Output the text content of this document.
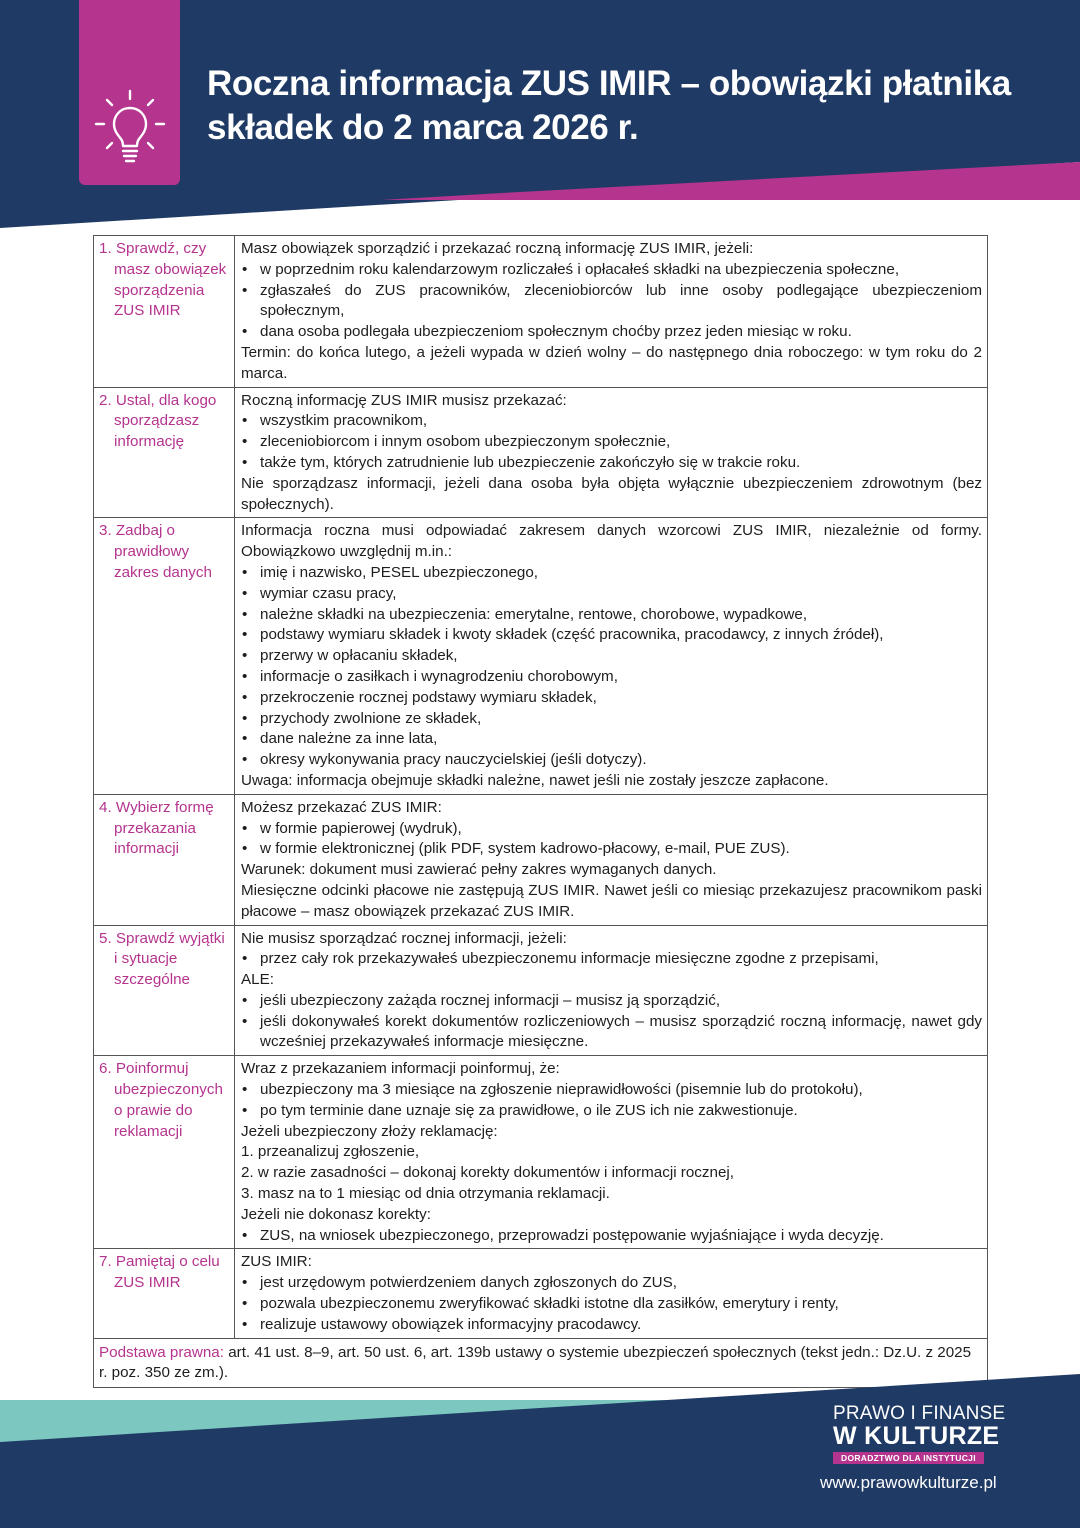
Roczna informacja ZUS IMIR – obowiązki płatnika
składek do 2 marca 2026 r.
1. Sprawdź, czy masz obowiązek sporządzenia ZUS IMIR

Masz obowiązek sporządzić i przekazać roczną informację ZUS IMIR, jeżeli:

• w poprzednim roku kalendarzowym rozliczałeś i opłacałeś składki na ubezpieczenia społeczne,
• zgłaszałeś do ZUS pracowników, zleceniobiorców lub inne osoby podlegające ubezpieczeniom społecznym,
• dana osoba podlegała ubezpieczeniom społecznym choćby przez jeden miesiąc w roku.

Termin: do końca lutego, a jeżeli wypada w dzień wolny – do następnego dnia roboczego: w tym roku do 2 marca.

2. Ustal, dla kogo sporządzasz informację

Roczną informację ZUS IMIR musisz przekazać:

• wszystkim pracownikom,
• zleceniobiorcom i innym osobom ubezpieczonym społecznie,
• także tym, których zatrudnienie lub ubezpieczenie zakończyło się w trakcie roku.

Nie sporządzasz informacji, jeżeli dana osoba była objęta wyłącznie ubezpieczeniem zdrowotnym (bez społecznych).

3. Zadbaj o prawidłowy zakres danych

Informacja roczna musi odpowiadać zakresem danych wzorcowi ZUS IMIR, niezależnie od formy. Obowiązkowo uwzględnij m.in.:

• imię i nazwisko, PESEL ubezpieczonego,
• wymiar czasu pracy,
• należne składki na ubezpieczenia: emerytalne, rentowe, chorobowe, wypadkowe,
• podstawy wymiaru składek i kwoty składek (część pracownika, pracodawcy, z innych źródeł),
• przerwy w opłacaniu składek,
• informacje o zasiłkach i wynagrodzeniu chorobowym,
• przekroczenie rocznej podstawy wymiaru składek,
• przychody zwolnione ze składek,
• dane należne za inne lata,
• okresy wykonywania pracy nauczycielskiej (jeśli dotyczy).

Uwaga: informacja obejmuje składki należne, nawet jeśli nie zostały jeszcze zapłacone.

4. Wybierz formę przekazania informacji

Możesz przekazać ZUS IMIR:

• w formie papierowej (wydruk),
• w formie elektronicznej (plik PDF, system kadrowo-płacowy, e-mail, PUE ZUS).

Warunek: dokument musi zawierać pełny zakres wymaganych danych.

Miesięczne odcinki płacowe nie zastępują ZUS IMIR. Nawet jeśli co miesiąc przekazujesz pracownikom paski płacowe – masz obowiązek przekazać ZUS IMIR.

5. Sprawdź wyjątki i sytuacje szczególne

Nie musisz sporządzać rocznej informacji, jeżeli:

• przez cały rok przekazywałeś ubezpieczonemu informacje miesięczne zgodne z przepisami,

ALE:

• jeśli ubezpieczony zażąda rocznej informacji – musisz ją sporządzić,
• jeśli dokonywałeś korekt dokumentów rozliczeniowych – musisz sporządzić roczną informację, nawet gdy wcześniej przekazywałeś informacje miesięczne.
6. Poinformuj ubezpieczonych o prawie do reklamacji

Wraz z przekazaniem informacji poinformuj, że:

• ubezpieczony ma 3 miesiące na zgłoszenie nieprawidłowości (pisemnie lub do protokołu),
• po tym terminie dane uznaje się za prawidłowe, o ile ZUS ich nie zakwestionuje.

Jeżeli ubezpieczony złoży reklamację:

1. przeanalizuj zgłoszenie,

2. w razie zasadności – dokonaj korekty dokumentów i informacji rocznej,

3. masz na to 1 miesiąc od dnia otrzymania reklamacji.

Jeżeli nie dokonasz korekty:

• ZUS, na wniosek ubezpieczonego, przeprowadzi postępowanie wyjaśniające i wyda decyzję.
7. Pamiętaj o celu ZUS IMIR

ZUS IMIR:

• jest urzędowym potwierdzeniem danych zgłoszonych do ZUS,
• pozwala ubezpieczonemu zweryfikować składki istotne dla zasiłków, emerytury i renty,
• realizuje ustawowy obowiązek informacyjny pracodawcy.
Podstawa prawna: art. 41 ust. 8–9, art. 50 ust. 6, art. 139b ustawy o systemie ubezpieczeń społecznych (tekst jedn.: Dz.U. z 2025 r. poz. 350 ze zm.).
PRAWO I FINANSE
W KULTURZE
DORADZTWO DLA INSTYTUCJI
www.prawowkulturze.pl
